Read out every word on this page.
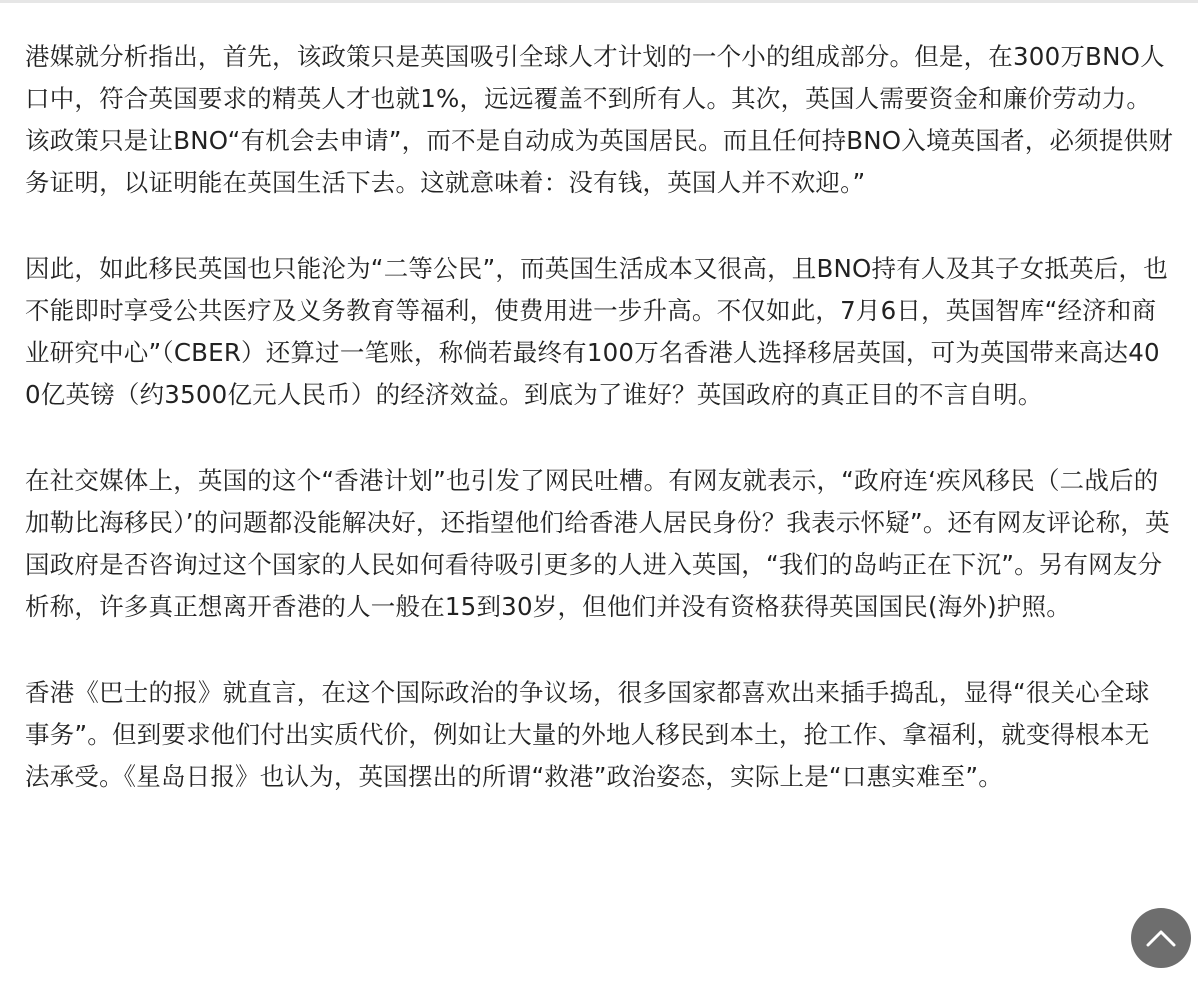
港媒就分析指出，首先，该政策只是英国吸引全球人才计划的一个小的组成部分。但是，在300万BNO人口中，符合英国要求的精英人才也就1%，远远覆盖不到所有人。其次，英国人需要资金和廉价劳动力。该政策只是让BNO“有机会去申请”，而不是自动成为英国居民。而且任何持BNO入境英国者，必须提供财务证明，以证明能在英国生活下去。这就意味着：没有钱，英国人并不欢迎。”

因此，如此移民英国也只能沦为“二等公民”，而英国生活成本又很高，且BNO持有人及其子女抵英后，也不能即时享受公共医疗及义务教育等福利，使费用进一步升高。不仅如此，7月6日，英国智库“经济和商业研究中心”（CBER）还算过一笔账，称倘若最终有100万名香港人选择移居英国，可为英国带来高达400亿英镑（约3500亿元人民币）的经济效益。到底为了谁好？英国政府的真正目的不言自明。

在社交媒体上，英国的这个“香港计划”也引发了网民吐槽。有网友就表示，“政府连‘疾风移民（二战后的加勒比海移民）’的问题都没能解决好，还指望他们给香港人居民身份？我表示怀疑”。还有网友评论称，英国政府是否咨询过这个国家的人民如何看待吸引更多的人进入英国，“我们的岛屿正在下沉”。另有网友分析称，许多真正想离开香港的人一般在15到30岁，但他们并没有资格获得英国国民(海外)护照。

香港《巴士的报》就直言，在这个国际政治的争议场，很多国家都喜欢出来插手捣乱，显得“很关心全球事务”。但到要求他们付出实质代价，例如让大量的外地人移民到本土，抢工作、拿福利，就变得根本无法承受。《星岛日报》也认为，英国摆出的所谓“救港”政治姿态，实际上是“口惠实难至”。
